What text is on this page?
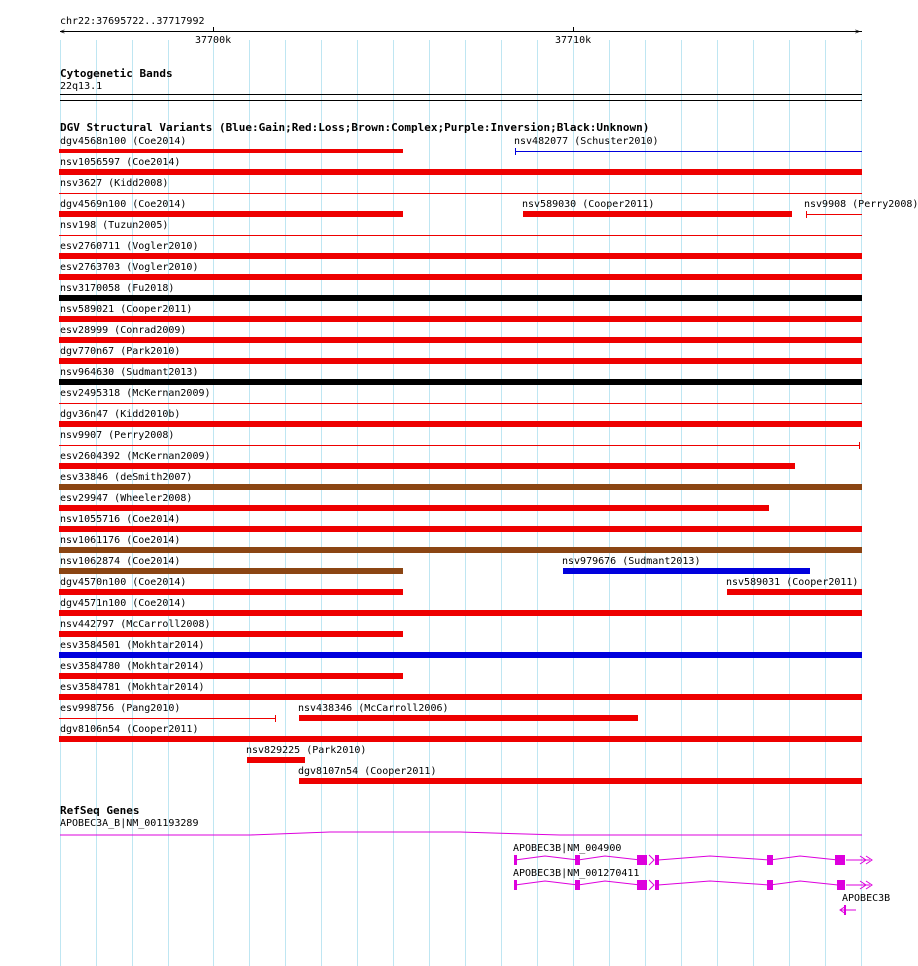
chr22:37695722..37717992
<	>
37700k	37710k
Cytogenetic Bands
22q13.1
DGV Structural Variants (Blue:Gain;Red:Loss;Brown:Complex;Purple:Inversion;Black:Unknown)
dgv4568n100 (Coe2014)	nsv482077 (Schuster2010)
nsv1056597 (Coe2014)
nsv3627 (Kidd2008)
dgv4569n100 (Coe2014)	nsv589030 (Cooper2011)	nsv9908 (Perry2008)
nsv198 (Tuzun2005)
esv2760711 (Vogler2010)
esv2763703 (Vogler2010)
nsv3170058 (Fu2018)
nsv589021 (Cooper2011)
esv28999 (Conrad2009)
dgv770n67 (Park2010)
nsv964630 (Sudmant2013)
esv2495318 (McKernan2009)
dgv36n47 (Kidd2010b)
nsv9907 (Perry2008)
esv2604392 (McKernan2009)
esv33846 (deSmith2007)
esv29947 (Wheeler2008)
nsv1055716 (Coe2014)
nsv1061176 (Coe2014)
nsv1062874 (Coe2014)	nsv979676 (Sudmant2013)
dgv4570n100 (Coe2014)	nsv589031 (Cooper2011)
dgv4571n100 (Coe2014)
nsv442797 (McCarroll2008)
esv3584501 (Mokhtar2014)
esv3584780 (Mokhtar2014)
esv3584781 (Mokhtar2014)
esv998756 (Pang2010)	nsv438346 (McCarroll2006)
dgv8106n54 (Cooper2011)
nsv829225 (Park2010)
dgv8107n54 (Cooper2011)
RefSeq Genes
APOBEC3A_B|NM_001193289
APOBEC3B|NM_004900
APOBEC3B|NM_001270411
APOBEC3B
